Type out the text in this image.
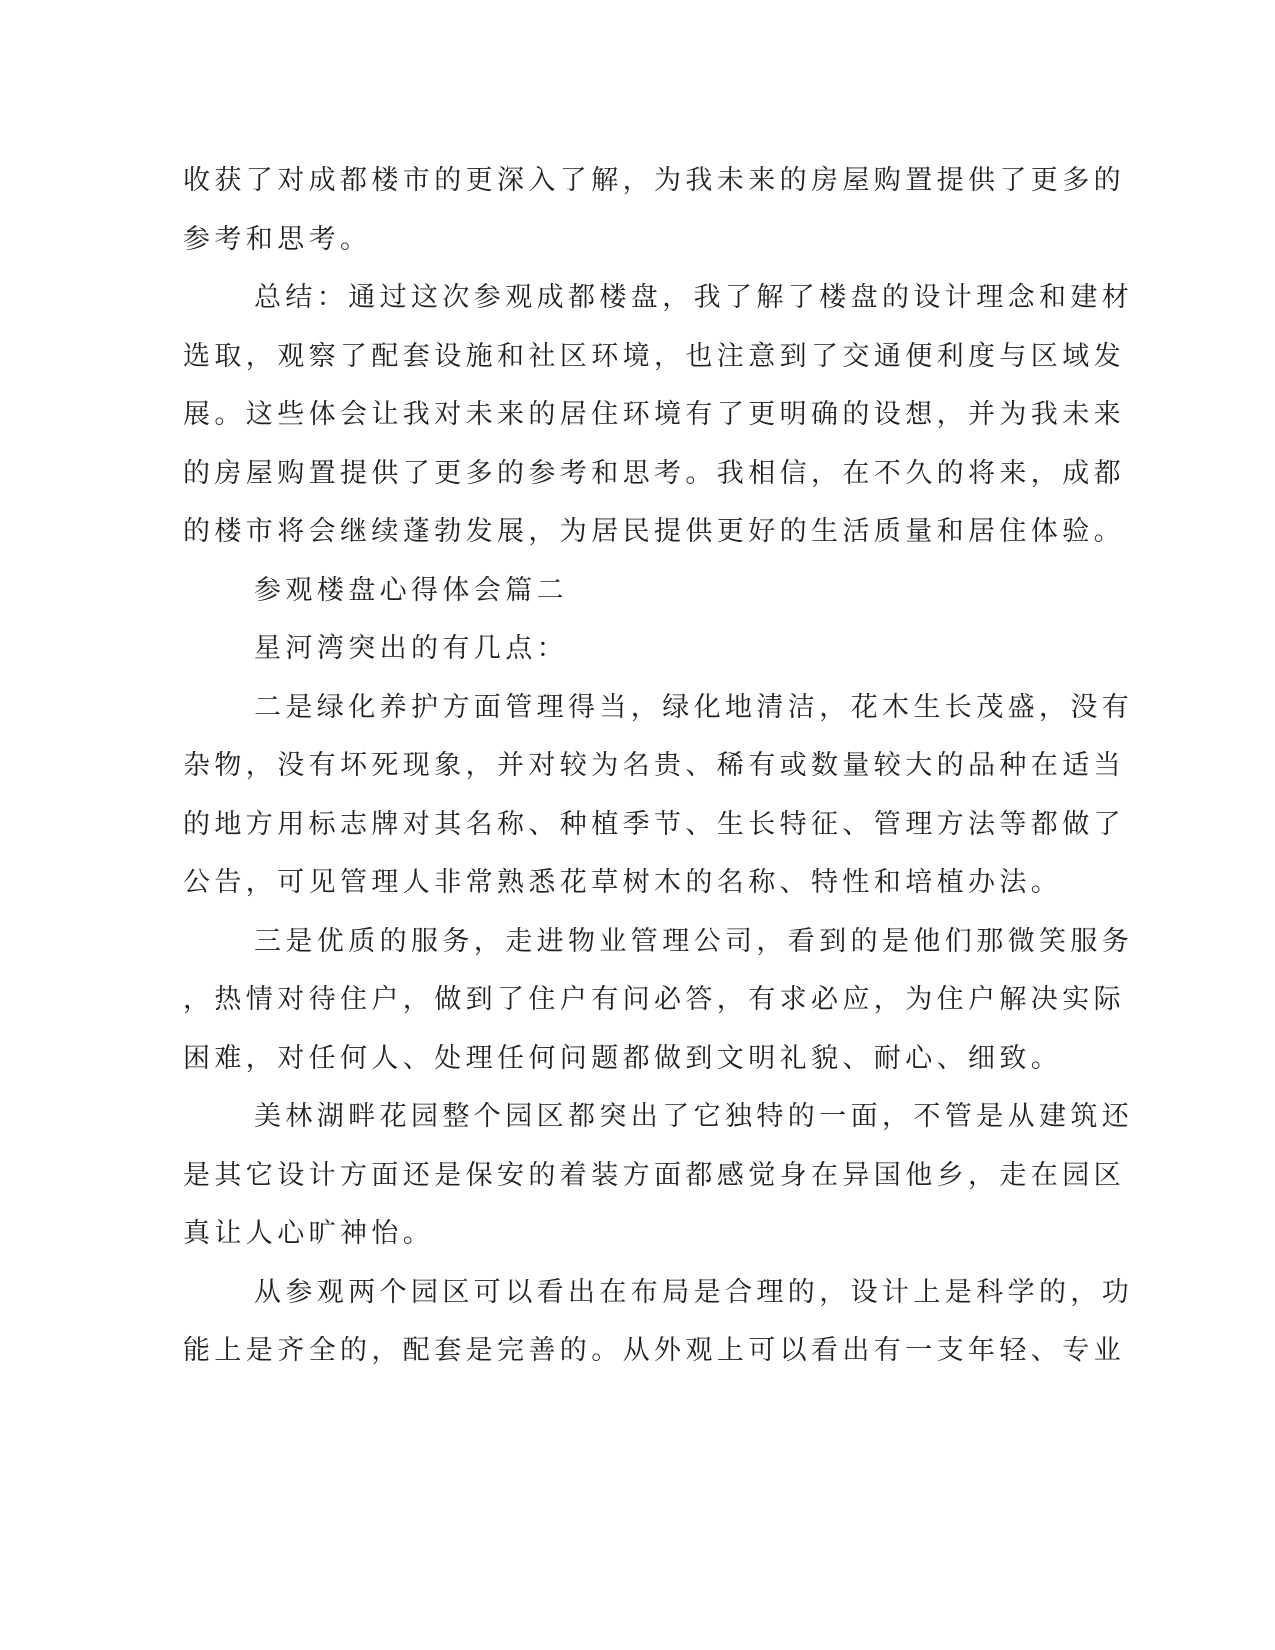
收获了对成都楼市的更深入了解，为我未来的房屋购置提供了更多的
参考和思考。
总结：通过这次参观成都楼盘，我了解了楼盘的设计理念和建材
选取，观察了配套设施和社区环境，也注意到了交通便利度与区域发
展。这些体会让我对未来的居住环境有了更明确的设想，并为我未来
的房屋购置提供了更多的参考和思考。我相信，在不久的将来，成都
的楼市将会继续蓬勃发展，为居民提供更好的生活质量和居住体验。
参观楼盘心得体会篇二
星河湾突出的有几点：
二是绿化养护方面管理得当，绿化地清洁，花木生长茂盛，没有
杂物，没有坏死现象，并对较为名贵、稀有或数量较大的品种在适当
的地方用标志牌对其名称、种植季节、生长特征、管理方法等都做了
公告，可见管理人非常熟悉花草树木的名称、特性和培植办法。
三是优质的服务，走进物业管理公司，看到的是他们那微笑服务
，热情对待住户，做到了住户有问必答，有求必应，为住户解决实际
困难，对任何人、处理任何问题都做到文明礼貌、耐心、细致。
美林湖畔花园整个园区都突出了它独特的一面，不管是从建筑还
是其它设计方面还是保安的着装方面都感觉身在异国他乡，走在园区
真让人心旷神怡。
从参观两个园区可以看出在布局是合理的，设计上是科学的，功
能上是齐全的，配套是完善的。从外观上可以看出有一支年轻、专业
